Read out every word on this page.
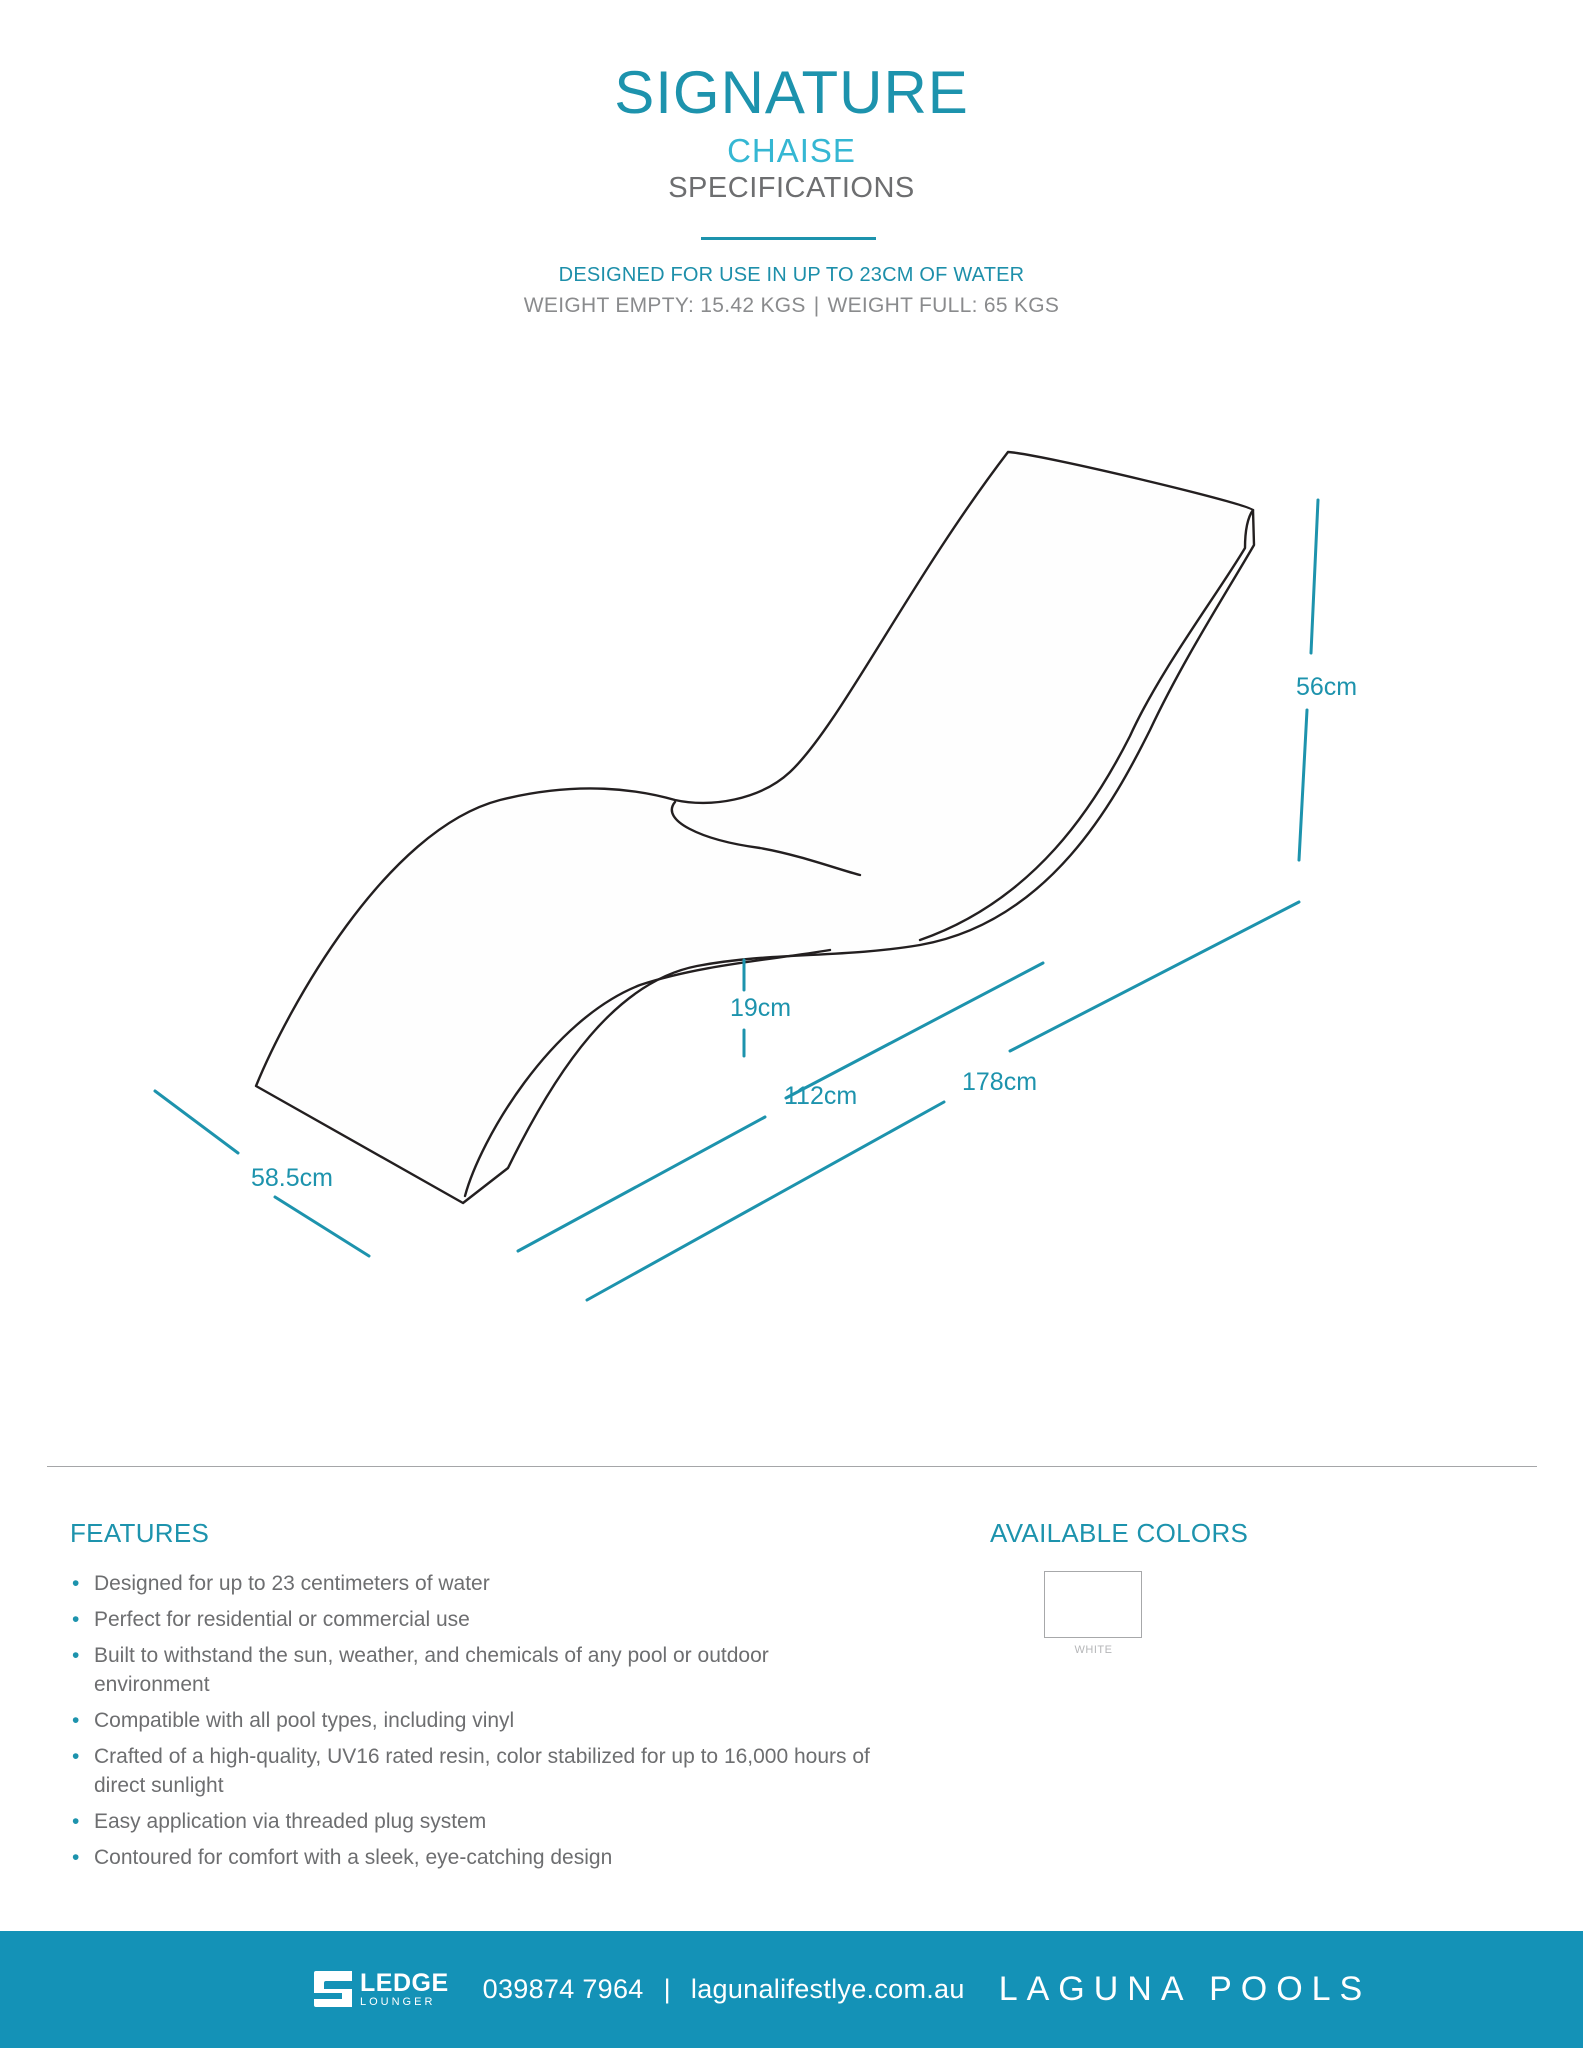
SIGNATURE
CHAISE
SPECIFICATIONS
DESIGNED FOR USE IN UP TO 23CM OF WATER
WEIGHT EMPTY: 15.42 KGS | WEIGHT FULL: 65 KGS
56cm
19cm
112cm	178cm
58.5cm
FEATURES
• Designed for up to 23 centimeters of water
• Perfect for residential or commercial use
• Built to withstand the sun, weather, and chemicals of any pool or outdoor environment
• Compatible with all pool types, including vinyl
• Crafted of a high-quality, UV16 rated resin, color stabilized for up to 16,000 hours of direct sunlight
• Easy application via threaded plug system
• Contoured for comfort with a sleek, eye-catching design
AVAILABLE COLORS
WHITE
LEDGE
LOUNGER	039874 7964 | lagunalifestlye.com.au LAGUNA POOLS
